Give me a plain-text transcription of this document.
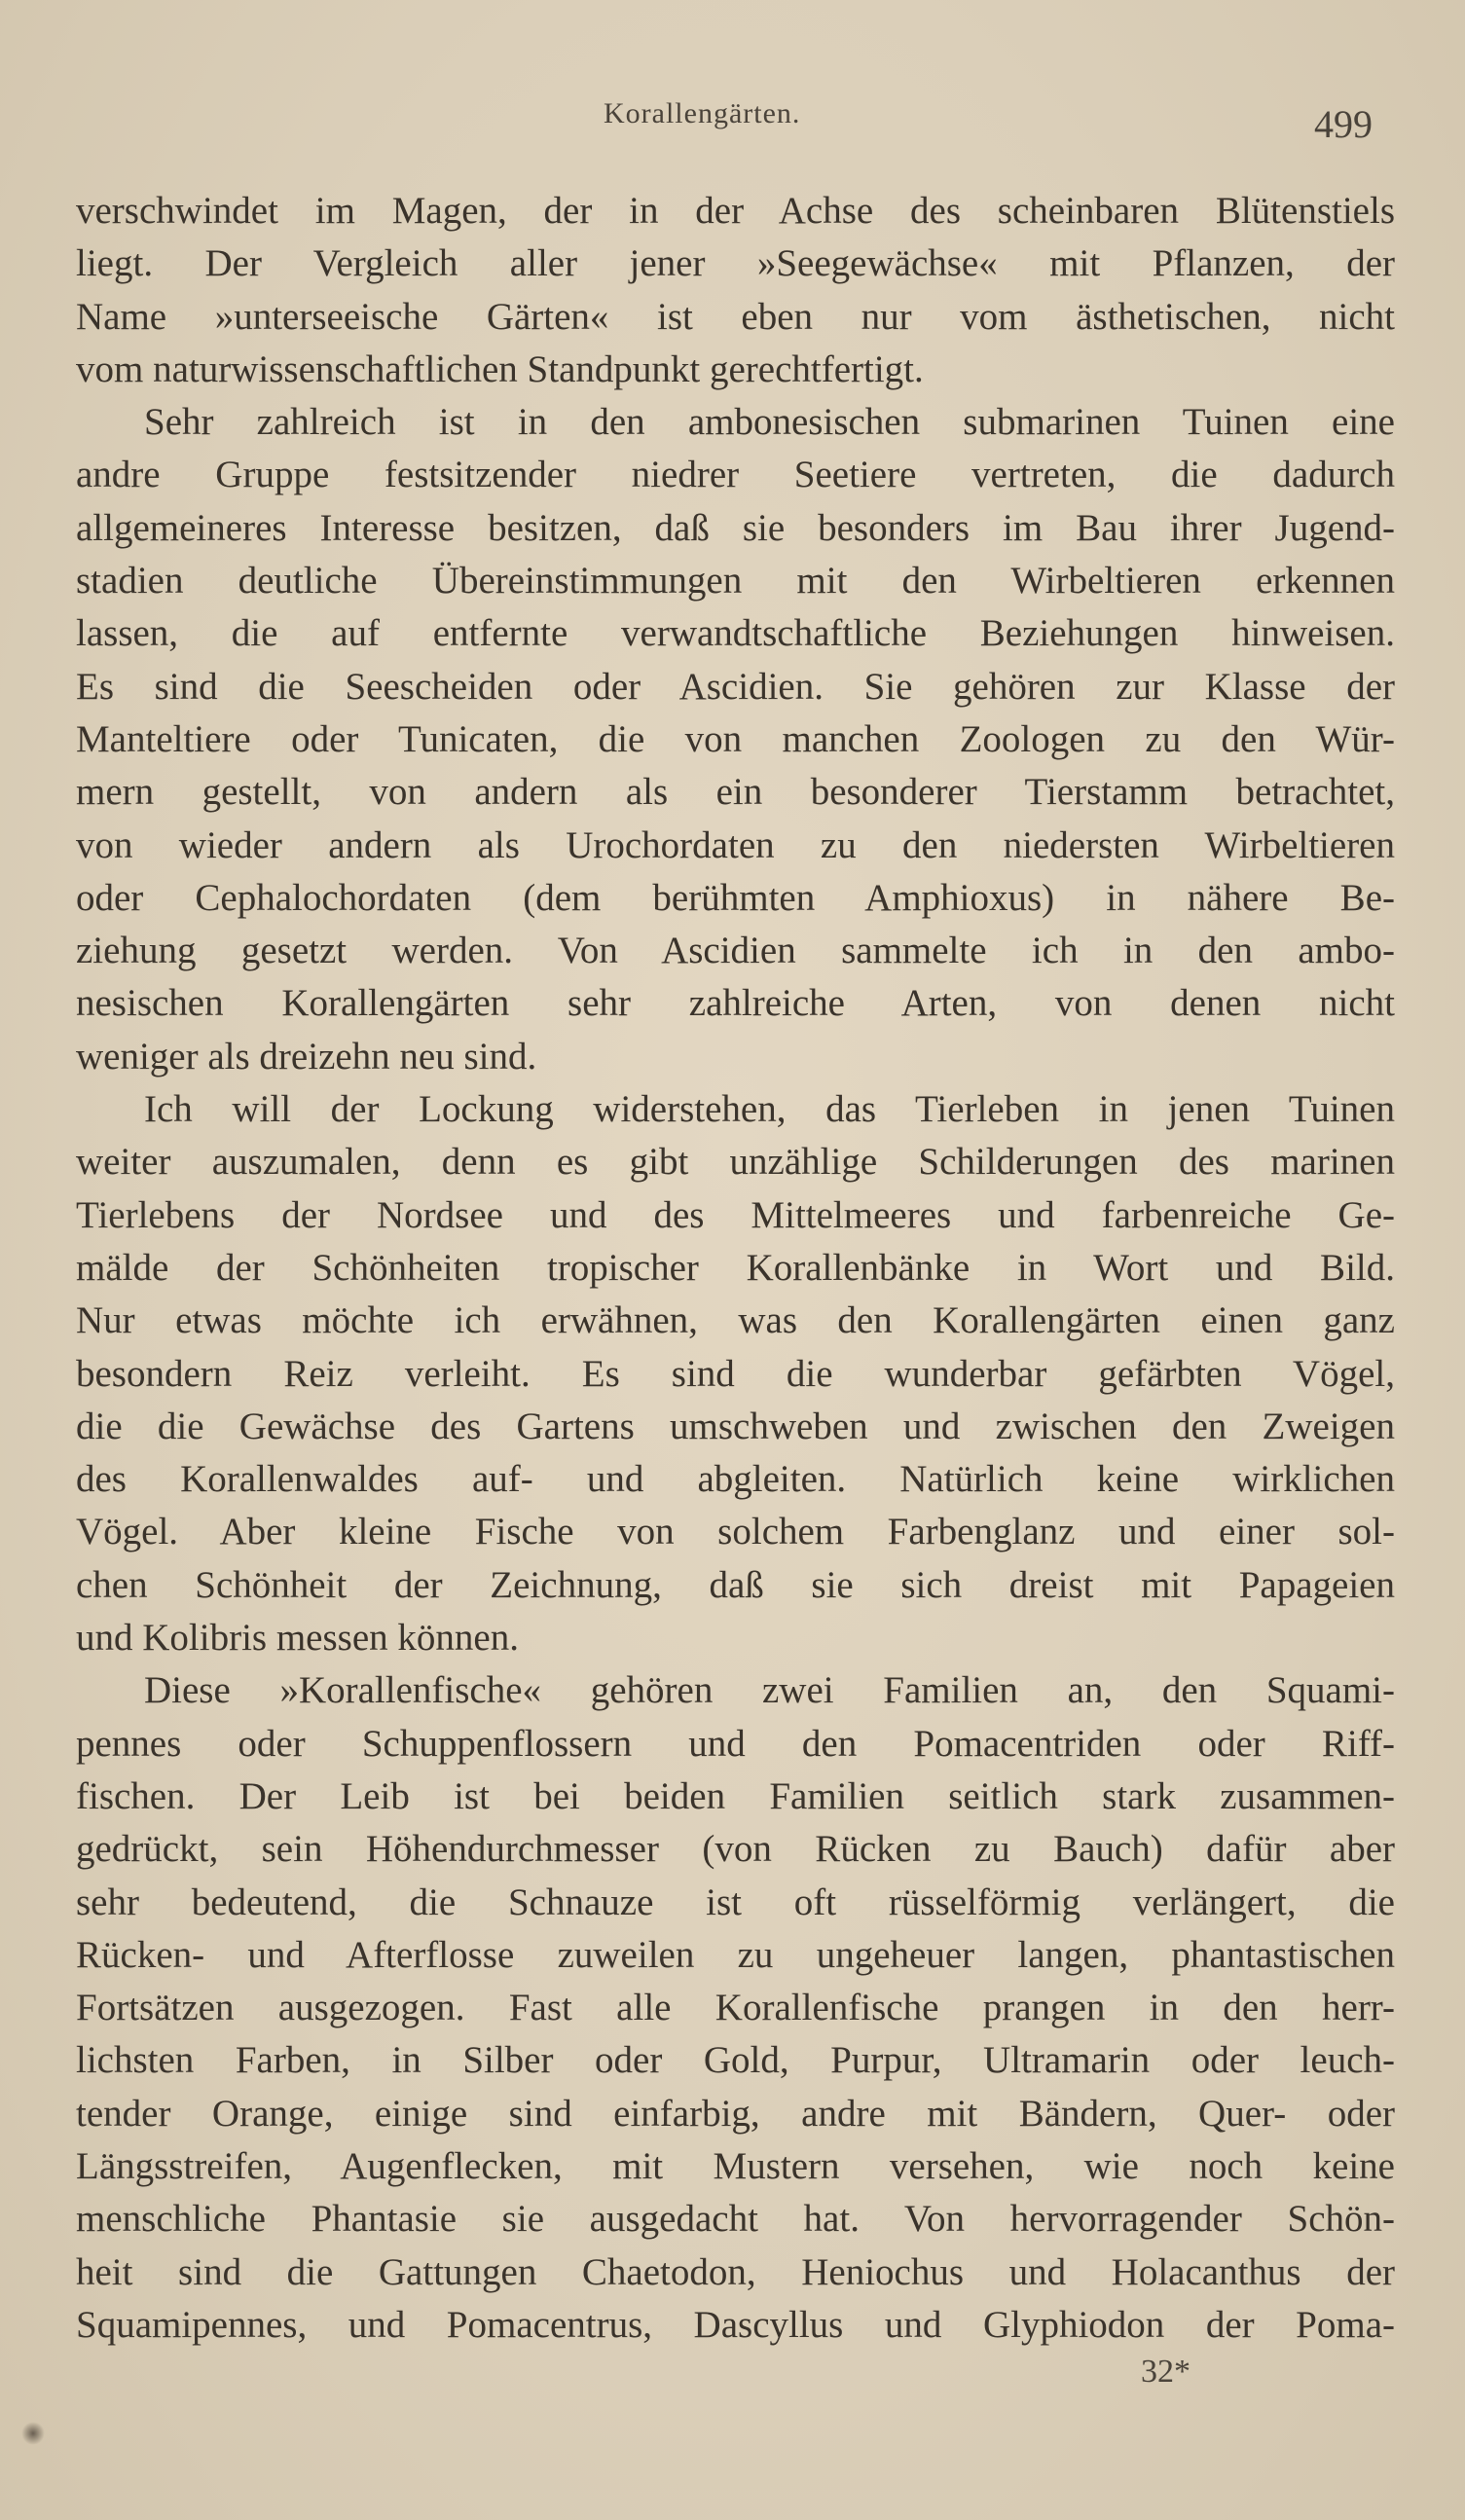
Korallengärten.	499
verschwindet im Magen, der in der Achse des scheinbaren Blütenstiels
liegt. Der Vergleich aller jener »Seegewächse« mit Pflanzen, der
Name »unterseeische Gärten« ist eben nur vom ästhetischen, nicht
vom naturwissenschaftlichen Standpunkt gerechtfertigt.
Sehr zahlreich ist in den ambonesischen submarinen Tuinen eine
andre Gruppe festsitzender niedrer Seetiere vertreten, die dadurch
allgemeineres Interesse besitzen, daß sie besonders im Bau ihrer Jugend-
stadien deutliche Übereinstimmungen mit den Wirbeltieren erkennen
lassen, die auf entfernte verwandtschaftliche Beziehungen hinweisen.
Es sind die Seescheiden oder Ascidien. Sie gehören zur Klasse der
Manteltiere oder Tunicaten, die von manchen Zoologen zu den Wür-
mern gestellt, von andern als ein besonderer Tierstamm betrachtet,
von wieder andern als Urochordaten zu den niedersten Wirbeltieren
oder Cephalochordaten (dem berühmten Amphioxus) in nähere Be-
ziehung gesetzt werden. Von Ascidien sammelte ich in den ambo-
nesischen Korallengärten sehr zahlreiche Arten, von denen nicht
weniger als dreizehn neu sind.
Ich will der Lockung widerstehen, das Tierleben in jenen Tuinen
weiter auszumalen, denn es gibt unzählige Schilderungen des marinen
Tierlebens der Nordsee und des Mittelmeeres und farbenreiche Ge-
mälde der Schönheiten tropischer Korallenbänke in Wort und Bild.
Nur etwas möchte ich erwähnen, was den Korallengärten einen ganz
besondern Reiz verleiht. Es sind die wunderbar gefärbten Vögel,
die die Gewächse des Gartens umschweben und zwischen den Zweigen
des Korallenwaldes auf- und abgleiten. Natürlich keine wirklichen
Vögel. Aber kleine Fische von solchem Farbenglanz und einer sol-
chen Schönheit der Zeichnung, daß sie sich dreist mit Papageien
und Kolibris messen können.
Diese »Korallenfische« gehören zwei Familien an, den Squami-
pennes oder Schuppenflossern und den Pomacentriden oder Riff-
fischen. Der Leib ist bei beiden Familien seitlich stark zusammen-
gedrückt, sein Höhendurchmesser (von Rücken zu Bauch) dafür aber
sehr bedeutend, die Schnauze ist oft rüsselförmig verlängert, die
Rücken- und Afterflosse zuweilen zu ungeheuer langen, phantastischen
Fortsätzen ausgezogen. Fast alle Korallenfische prangen in den herr-
lichsten Farben, in Silber oder Gold, Purpur, Ultramarin oder leuch-
tender Orange, einige sind einfarbig, andre mit Bändern, Quer- oder
Längsstreifen, Augenflecken, mit Mustern versehen, wie noch keine
menschliche Phantasie sie ausgedacht hat. Von hervorragender Schön-
heit sind die Gattungen Chaetodon, Heniochus und Holacanthus der
Squamipennes, und Pomacentrus, Dascyllus und Glyphiodon der Poma-
32*
